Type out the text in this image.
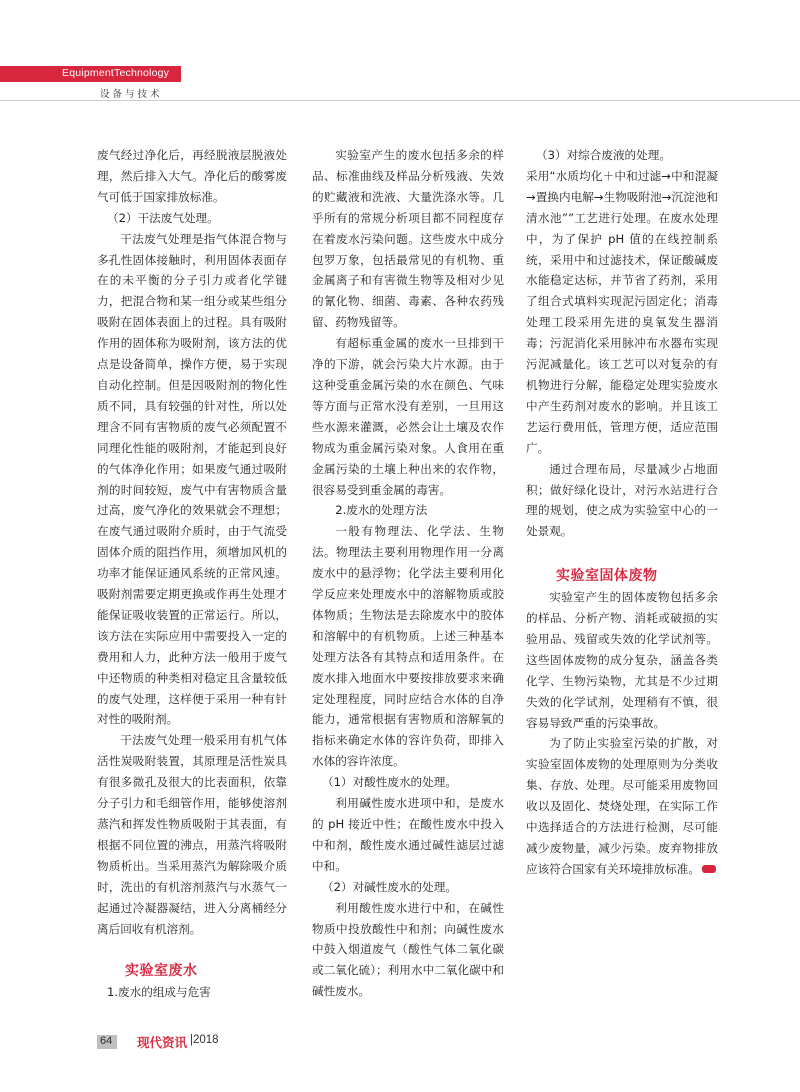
EquipmentTechnology
设备与技术

废气经过净化后，再经脱液层脱液处理，然后排入大气。净化后的酸雾废气可低于国家排放标准。

（2）干法废气处理。

干法废气处理是指气体混合物与多孔性固体接触时，利用固体表面存在的未平衡的分子引力或者化学键力，把混合物和某一组分或某些组分吸附在固体表面上的过程。具有吸附作用的固体称为吸附剂，该方法的优点是设备简单，操作方便，易于实现自动化控制。但是因吸附剂的物化性质不同，具有较强的针对性，所以处理含不同有害物质的废气必须配置不同理化性能的吸附剂，才能起到良好的气体净化作用；如果废气通过吸附剂的时间较短，废气中有害物质含量过高，废气净化的效果就会不理想；在废气通过吸附介质时，由于气流受固体介质的阻挡作用，须增加风机的功率才能保证通风系统的正常风速。吸附剂需要定期更换或作再生处理才能保证吸收装置的正常运行。所以，该方法在实际应用中需要投入一定的费用和人力，此种方法一般用于废气中还物质的种类相对稳定且含量较低的废气处理，这样便于采用一种有针对性的吸附剂。

干法废气处理一般采用有机气体活性炭吸附装置，其原理是活性炭具有很多微孔及很大的比表面积，依靠分子引力和毛细管作用，能够使溶剂蒸汽和挥发性物质吸附于其表面，有根据不同位置的沸点，用蒸汽将吸附物质析出。当采用蒸汽为解除吸介质时，洗出的有机溶剂蒸汽与水蒸气一起通过冷凝器凝结，进入分离桶经分离后回收有机溶剂。

实验室废水

1.废水的组成与危害

实验室产生的废水包括多余的样品、标准曲线及样品分析残液、失效的贮藏液和洗液、大量洗涤水等。几乎所有的常规分析项目都不同程度存在着废水污染问题。这些废水中成分包罗万象，包括最常见的有机物、重金属离子和有害微生物等及相对少见的氰化物、细菌、毒素、各种农药残留、药物残留等。

有超标重金属的废水一旦排到干净的下游，就会污染大片水源。由于这种受重金属污染的水在颜色、气味等方面与正常水没有差别，一旦用这些水源来灌溉，必然会让土壤及农作物成为重金属污染对象。人食用在重金属污染的土壤上种出来的农作物，很容易受到重金属的毒害。

2.废水的处理方法

一般有物理法、化学法、生物法。物理法主要利用物理作用一分离废水中的悬浮物；化学法主要利用化学反应来处理废水中的溶解物质或胶体物质；生物法是去除废水中的胶体和溶解中的有机物质。上述三种基本处理方法各有其特点和适用条件。在废水排入地面水中要按排放要求来确定处理程度，同时应结合水体的自净能力，通常根据有害物质和溶解氧的指标来确定水体的容许负荷，即排入水体的容许浓度。

（1）对酸性废水的处理。

利用碱性废水进项中和，是废水的 pH 接近中性；在酸性废水中投入中和剂，酸性废水通过碱性滤层过滤中和。

（2）对碱性废水的处理。

利用酸性废水进行中和，在碱性物质中投放酸性中和剂；向碱性废水中鼓入烟道废气（酸性气体二氧化碳或二氧化硫）；利用水中二氧化碳中和碱性废水。

（3）对综合废液的处理。

采用“水质均化＋中和过滤→中和混凝→置换内电解→生物吸附池→沉淀池和清水池””工艺进行处理。在废水处理中，为了保护 pH 值的在线控制系统，采用中和过滤技术，保证酸碱废水能稳定达标，并节省了药剂，采用了组合式填料实现泥污固定化；消毒处理工段采用先进的臭氧发生器消毒；污泥消化采用脉冲布水器布实现污泥减量化。该工艺可以对复杂的有机物进行分解，能稳定处理实验废水中产生药剂对废水的影响。并且该工艺运行费用低，管理方便，适应范围广。

通过合理布局，尽量减少占地面积；做好绿化设计，对污水站进行合理的规划，使之成为实验室中心的一处景观。

实验室固体废物

实验室产生的固体废物包括多余的样品、分析产物、消耗或破损的实验用品、残留或失效的化学试剂等。这些固体废物的成分复杂，涵盖各类化学、生物污染物，尤其是不少过期失效的化学试剂，处理稍有不慎，很容易导致严重的污染事故。

为了防止实验室污染的扩散，对实验室固体废物的处理原则为分类收集、存放、处理。尽可能采用废物回收以及固化、焚烧处理，在实际工作中选择适合的方法进行检测，尽可能减少废物量，减少污染。废弃物排放应该符合国家有关环境排放标准。

64 现代资讯 |2018
